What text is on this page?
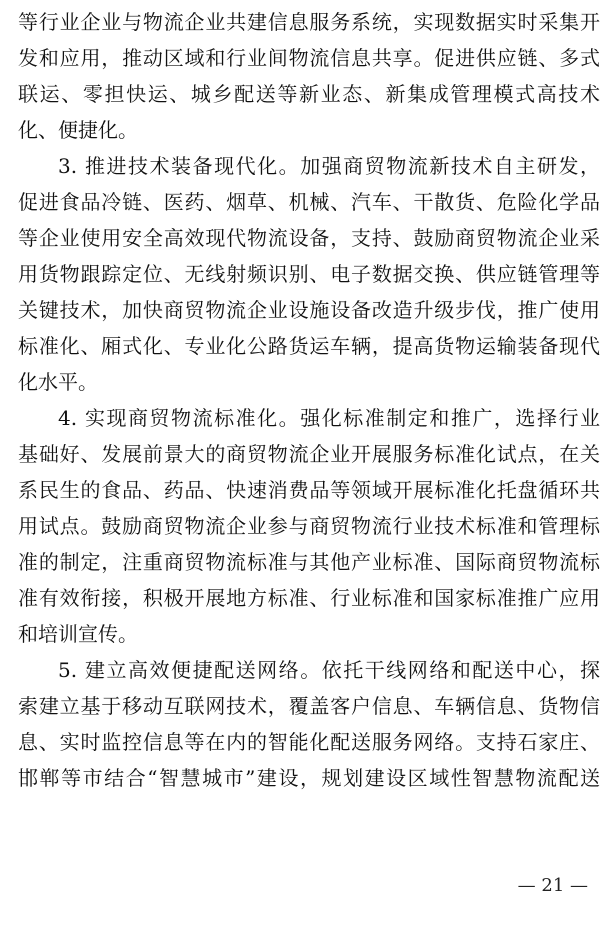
等行业企业与物流企业共建信息服务系统，实现数据实时采集开
发和应用，推动区域和行业间物流信息共享。促进供应链、多式
联运、零担快运、城乡配送等新业态、新集成管理模式高技术
化、便捷化。

3. 推进技术装备现代化。加强商贸物流新技术自主研发，
促进食品冷链、医药、烟草、机械、汽车、干散货、危险化学品
等企业使用安全高效现代物流设备，支持、鼓励商贸物流企业采
用货物跟踪定位、无线射频识别、电子数据交换、供应链管理等
关键技术，加快商贸物流企业设施设备改造升级步伐，推广使用
标准化、厢式化、专业化公路货运车辆，提高货物运输装备现代
化水平。

4. 实现商贸物流标准化。强化标准制定和推广，选择行业
基础好、发展前景大的商贸物流企业开展服务标准化试点，在关
系民生的食品、药品、快速消费品等领域开展标准化托盘循环共
用试点。鼓励商贸物流企业参与商贸物流行业技术标准和管理标
准的制定，注重商贸物流标准与其他产业标准、国际商贸物流标
准有效衔接，积极开展地方标准、行业标准和国家标准推广应用
和培训宣传。

5. 建立高效便捷配送网络。依托干线网络和配送中心，探
索建立基于移动互联网技术，覆盖客户信息、车辆信息、货物信
息、实时监控信息等在内的智能化配送服务网络。支持石家庄、
邯郸等市结合“智慧城市”建设，规划建设区域性智慧物流配送

— 21 —
